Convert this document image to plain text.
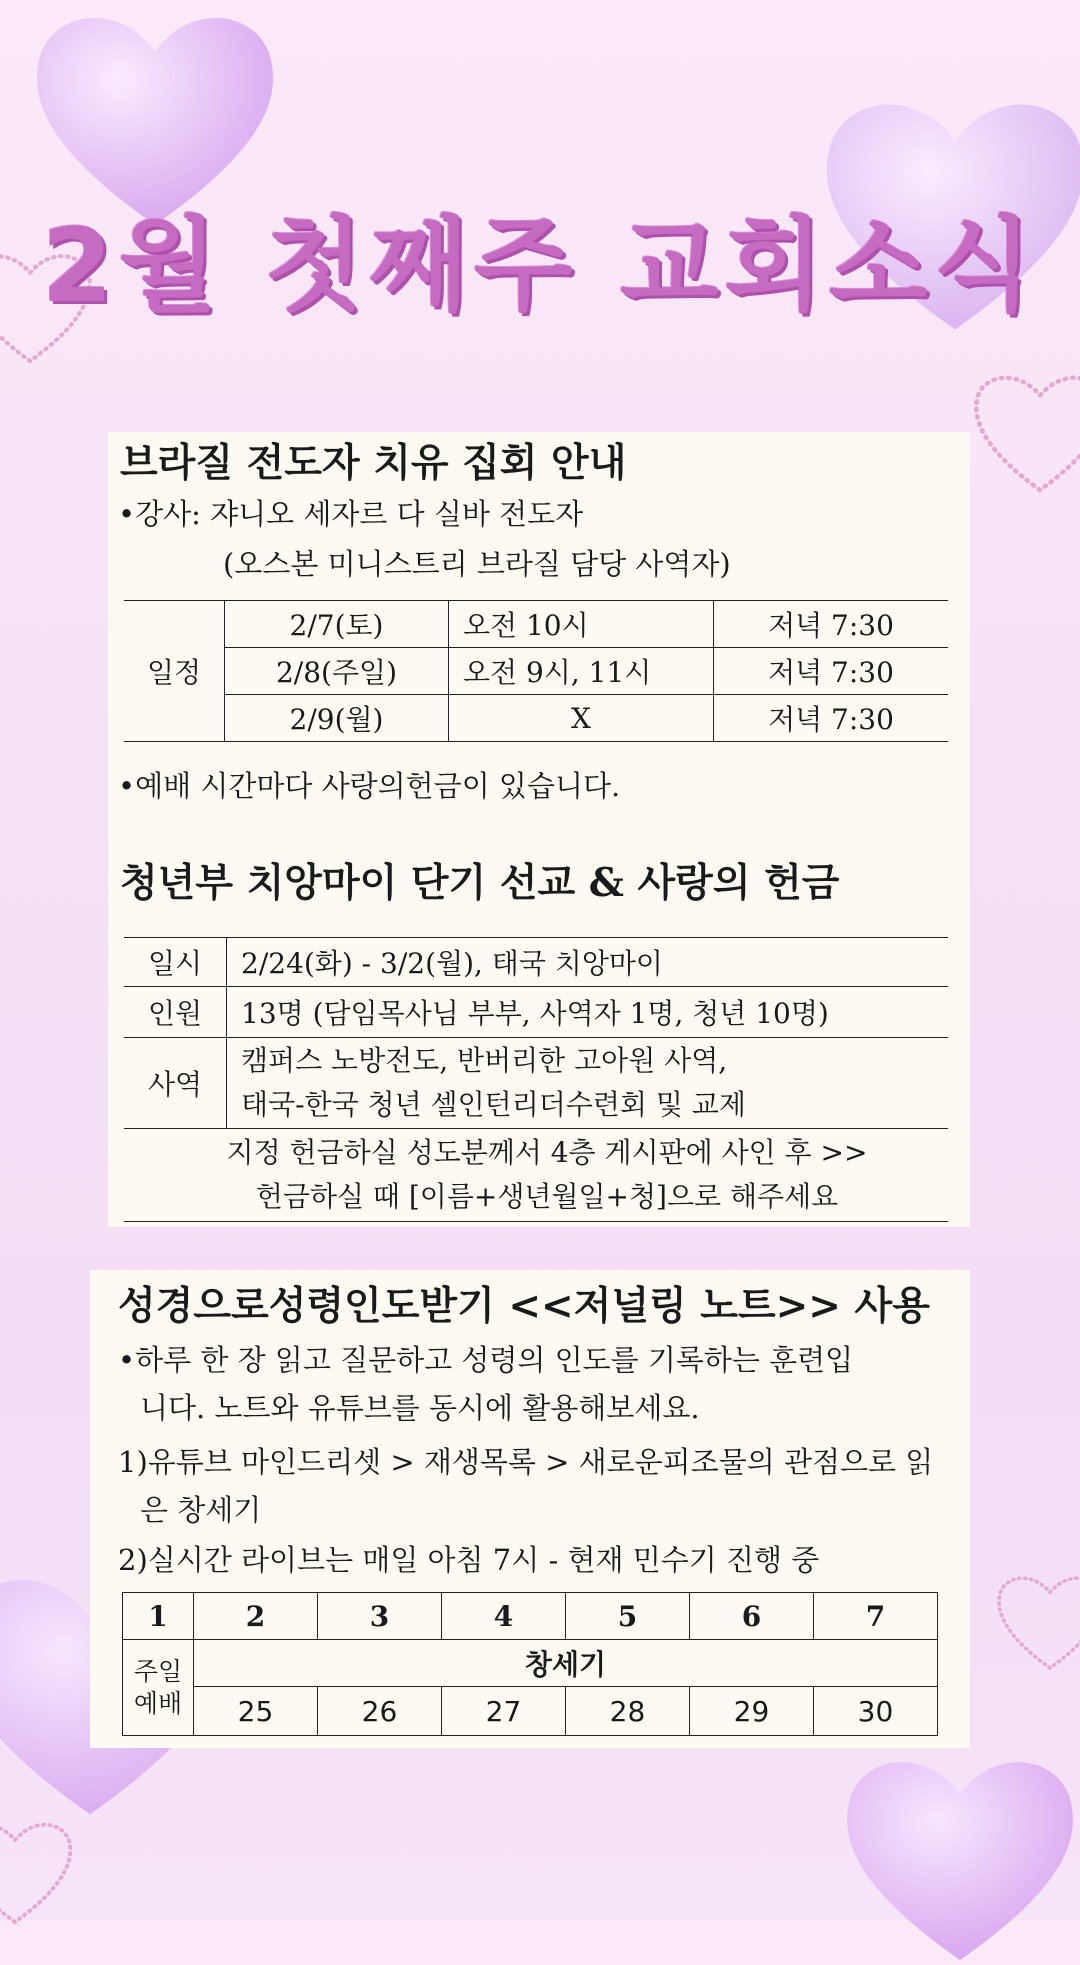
2월 첫째주 교회소식
브라질 전도자 치유 집회 안내
•강사: 쟈니오 세자르 다 실바 전도자
(오스본 미니스트리 브라질 담당 사역자)
일정	2/7(토)	오전 10시	저녁 7:30
	2/8(주일)	오전 9시, 11시	저녁 7:30
	2/9(월)	X	저녁 7:30
•예배 시간마다 사랑의헌금이 있습니다.
청년부 치앙마이 단기 선교 & 사랑의 헌금
일시	2/24(화) - 3/2(월), 태국 치앙마이
인원	13명 (담임목사님 부부, 사역자 1명, 청년 10명)
사역	캠퍼스 노방전도, 반버리한 고아원 사역,
태국-한국 청년 셀인턴리더수련회 및 교제

지정 헌금하실 성도분께서 4층 게시판에 사인 후 >>
헌금하실 때 [이름+생년월일+청]으로 해주세요	
성경으로성령인도받기 <<저널링 노트>> 사용
•하루 한 장 읽고 질문하고 성령의 인도를 기록하는 훈련입
니다. 노트와 유튜브를 동시에 활용해보세요.
1)유튜브 마인드리셋 > 재생목록 > 새로운피조물의 관점으로 읽
은 창세기
2)실시간 라이브는 매일 아침 7시 - 현재 민수기 진행 중
1	2	3	4	5	6	7

주일
예배	창세기					
	25	26	27	28	29	30
